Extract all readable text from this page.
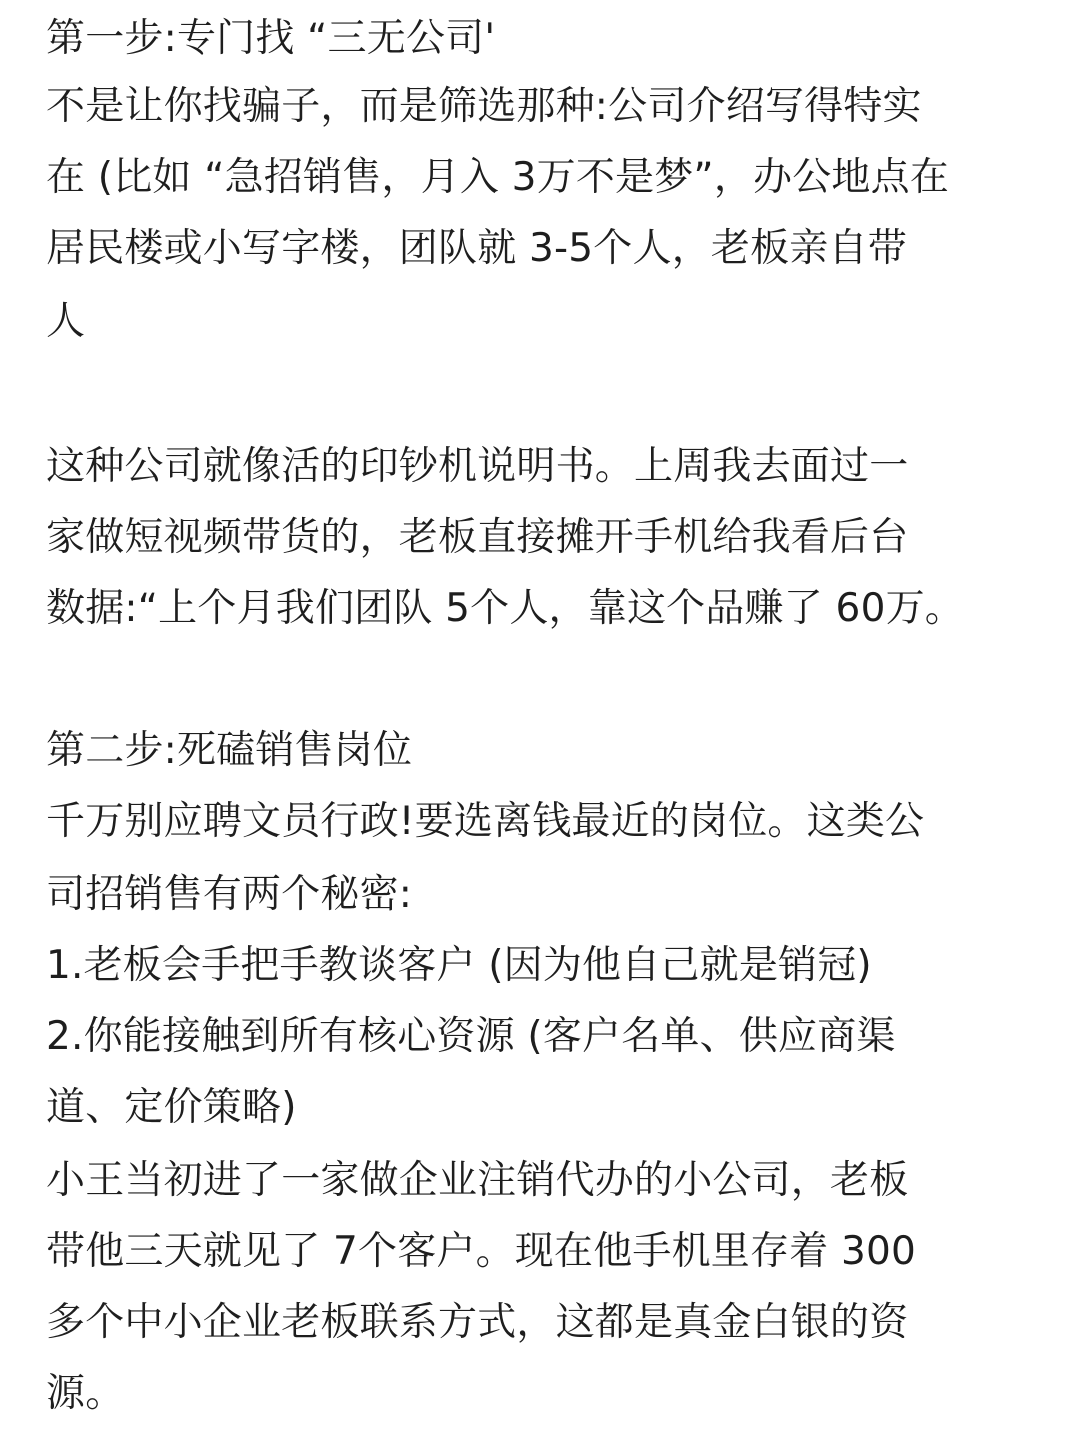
第一步:专门找 “三无公司'
不是让你找骗子，而是筛选那种:公司介绍写得特实
在 (比如 “急招销售，月入 3万不是梦”，办公地点在
居民楼或小写字楼，团队就 3-5个人，老板亲自带
人
这种公司就像活的印钞机说明书。上周我去面过一
家做短视频带货的，老板直接摊开手机给我看后台
数据:“上个月我们团队 5个人，靠这个品赚了 60万。
第二步:死磕销售岗位
千万别应聘文员行政!要选离钱最近的岗位。这类公
司招销售有两个秘密:
1.老板会手把手教谈客户 (因为他自己就是销冠)
2.你能接触到所有核心资源 (客户名单、供应商渠
道、定价策略)
小王当初进了一家做企业注销代办的小公司，老板
带他三天就见了 7个客户。现在他手机里存着 300
多个中小企业老板联系方式，这都是真金白银的资
源。
